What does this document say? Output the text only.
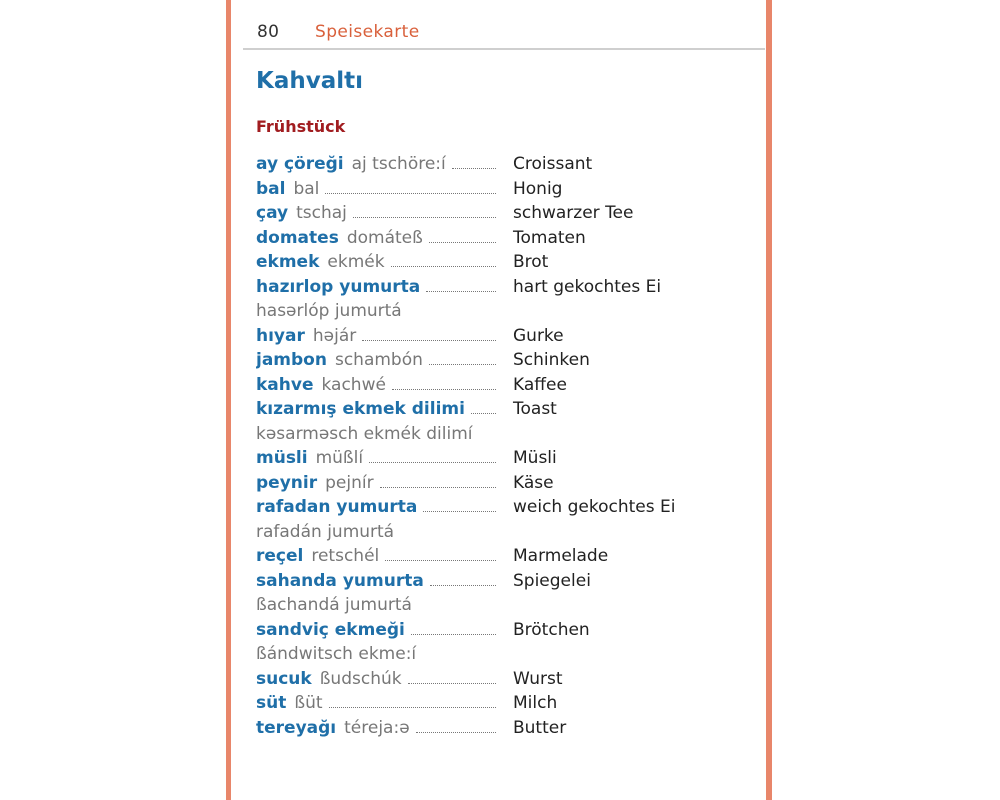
80 Speisekarte
Kahvaltı
Frühstück
ay çöreği aj tschöre:í	Croissant
bal bal	Honig
çay tschaj	schwarzer Tee
domates domáteß	Tomaten
ekmek ekmék	Brot
hazırlop yumurta	hart gekochtes Ei
hasərlóp jumurtá
hıyar həjár	Gurke
jambon schambón	Schinken
kahve kachwé	Kaffee
kızarmış ekmek dilimi	Toast
kəsarməsch ekmék dilimí
müsli müßlí	Müsli
peynir pejnír	Käse
rafadan yumurta	weich gekochtes Ei
rafadán jumurtá
reçel retschél	Marmelade
sahanda yumurta	Spiegelei
ßachandá jumurtá
sandviç ekmeği	Brötchen
ßándwitsch ekme:í
sucuk ßudschúk	Wurst
süt ßüt	Milch
tereyağı téreja:ə	Butter
